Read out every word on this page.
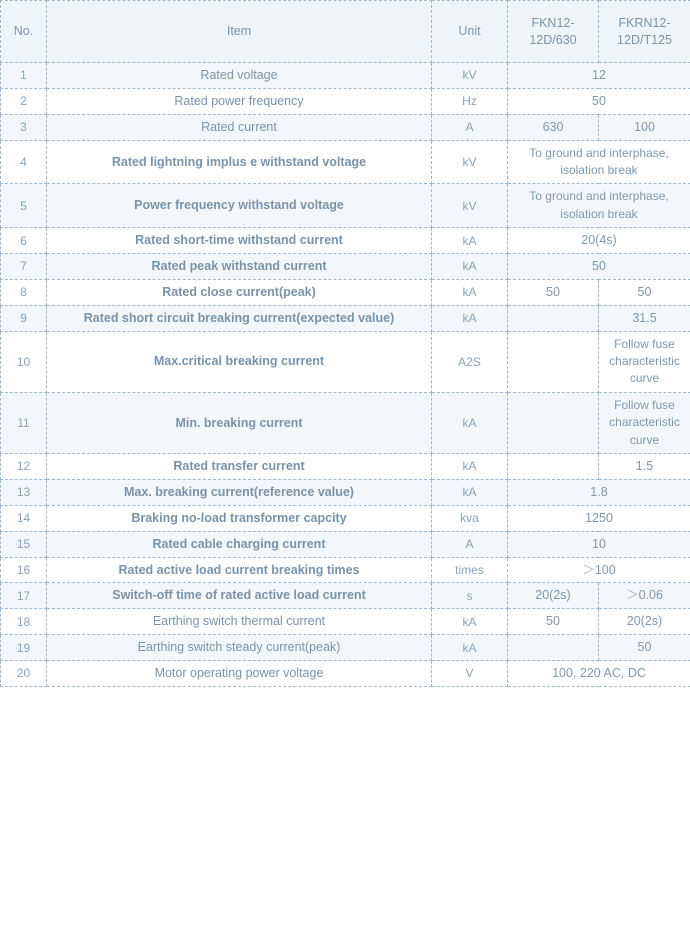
No.	Item	Unit	FKN12-12D/630	FKRN12-12D/T125
1	Rated voltage	kV	12	
2	Rated power frequency	Hz	50	
3	Rated current	A	630	100
4	Rated lightning implus e withstand voltage	kV	To ground and interphase, isolation break	
5	Power frequency withstand voltage	kV	To ground and interphase, isolation break	
6	Rated short-time withstand current	kA	20(4s)	
7	Rated peak withstand current	kA	50	
8	Rated close current(peak)	kA	50	50
9	Rated short circuit breaking current(expected value)	kA		31.5
10	Max.critical breaking current	A2S		Follow fuse characteristic curve
11	Min. breaking current	kA		Follow fuse characteristic curve
12	Rated transfer current	kA		1.5
13	Max. breaking current(reference value)	kA	1.8	
14	Braking no-load transformer capcity	kva	1250	
15	Rated cable charging current	A	10	
16	Rated active load current breaking times	times	＞100	
17	Switch-off time of rated active load current	s	20(2s)	＞0.06
18	Earthing switch thermal current	kA	50	20(2s)
19	Earthing switch steady current(peak)	kA		50
20	Motor operating power voltage	V	100, 220 AC, DC	
